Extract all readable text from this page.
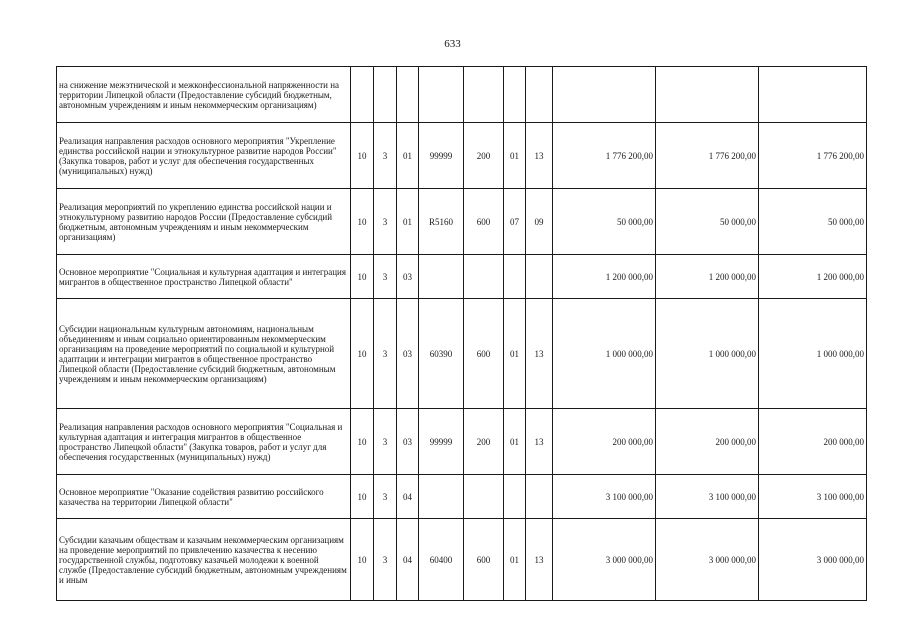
633
на снижение межэтнической и межконфессиональной напряженности на территории Липецкой области (Предоставление субсидий бюджетным, автономным учреждениям и иным некоммерческим организациям)										
Реализация направления расходов основного мероприятия "Укрепление единства российской нации и этнокультурное развитие народов России" (Закупка товаров, работ и услуг для обеспечения государственных (муниципальных) нужд)	10	3	01	99999	200	01	13	1 776 200,00	1 776 200,00	1 776 200,00
Реализация мероприятий по укреплению единства российской нации и этнокультурному развитию народов России (Предоставление субсидий бюджетным, автономным учреждениям и иным некоммерческим организациям)	10	3	01	R5160	600	07	09	50 000,00	50 000,00	50 000,00
Основное мероприятие "Социальная и культурная адаптация и интеграция мигрантов в общественное пространство Липецкой области"	10	3	03					1 200 000,00	1 200 000,00	1 200 000,00
Субсидии национальным культурным автономиям, национальным объединениям и иным социально ориентированным некоммерческим организациям на проведение мероприятий по социальной и культурной адаптации и интеграции мигрантов в общественное пространство Липецкой области (Предоставление субсидий бюджетным, автономным учреждениям и иным некоммерческим организациям)	10	3	03	60390	600	01	13	1 000 000,00	1 000 000,00	1 000 000,00
Реализация направления расходов основного мероприятия "Социальная и культурная адаптация и интеграция мигрантов в общественное пространство Липецкой области" (Закупка товаров, работ и услуг для обеспечения государственных (муниципальных) нужд)	10	3	03	99999	200	01	13	200 000,00	200 000,00	200 000,00
Основное мероприятие "Оказание содействия развитию российского казачества на территории Липецкой области"	10	3	04					3 100 000,00	3 100 000,00	3 100 000,00
Субсидии казачьим обществам и казачьим некоммерческим организациям на проведение мероприятий по привлечению казачества к несению государственной службы, подготовку казачьей молодежи к военной службе (Предоставление субсидий бюджетным, автономным учреждениям и иным	10	3	04	60400	600	01	13	3 000 000,00	3 000 000,00	3 000 000,00
